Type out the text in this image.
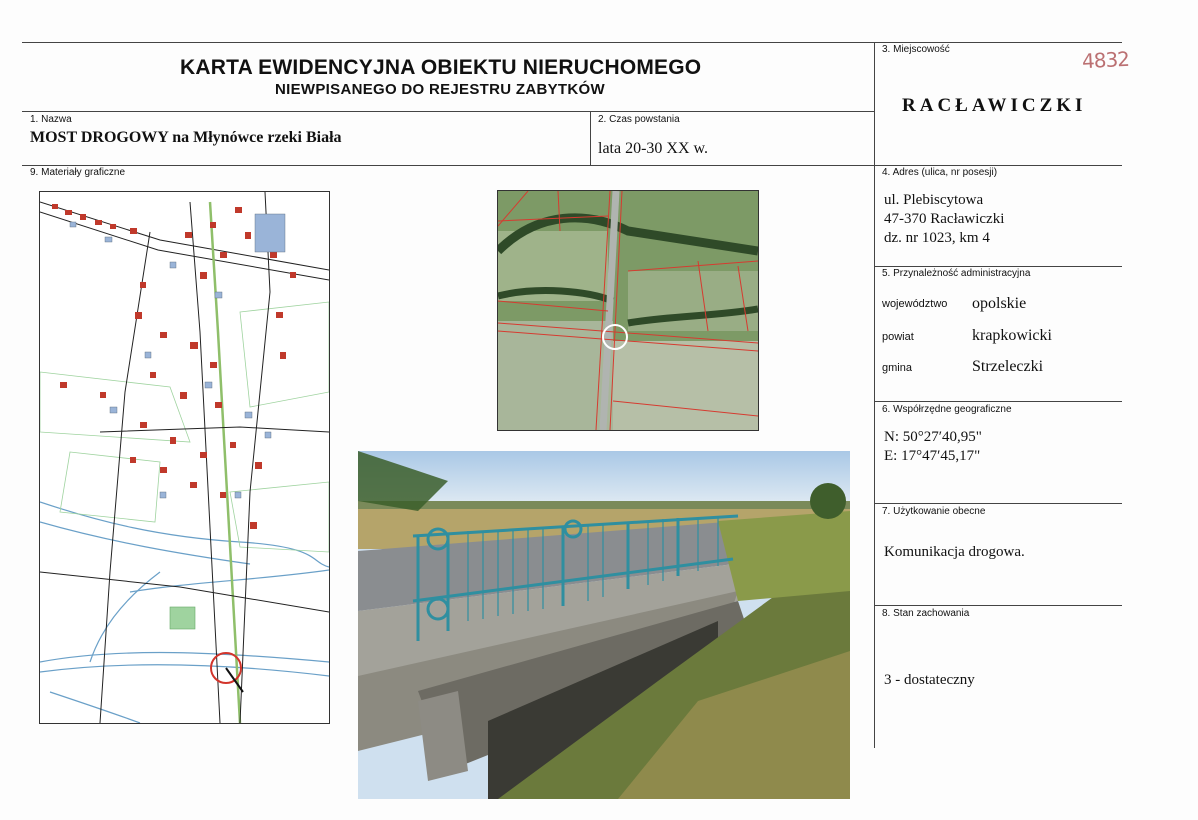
KARTA EWIDENCYJNA OBIEKTU NIERUCHOMEGO
NIEWPISANEGO DO REJESTRU ZABYTKÓW
3. Miejscowość	4832
RACŁAWICZKI
1. Nazwa
MOST DROGOWY na Młynówce rzeki Biała
2. Czas powstania
lata 20-30 XX w.
9. Materiały graficzne	4. Adres (ulica, nr posesji)
ul. Plebiscytowa
47-370 Racławiczki
dz. nr 1023, km 4
5. Przynależność administracyjna
województwo opolskie
powiat	krapkowicki
gmina	Strzeleczki
6. Współrzędne geograficzne
N: 50°27′40,95"
E: 17°47′45,17"
7. Użytkowanie obecne
Komunikacja drogowa.
8. Stan zachowania
3 - dostateczny
